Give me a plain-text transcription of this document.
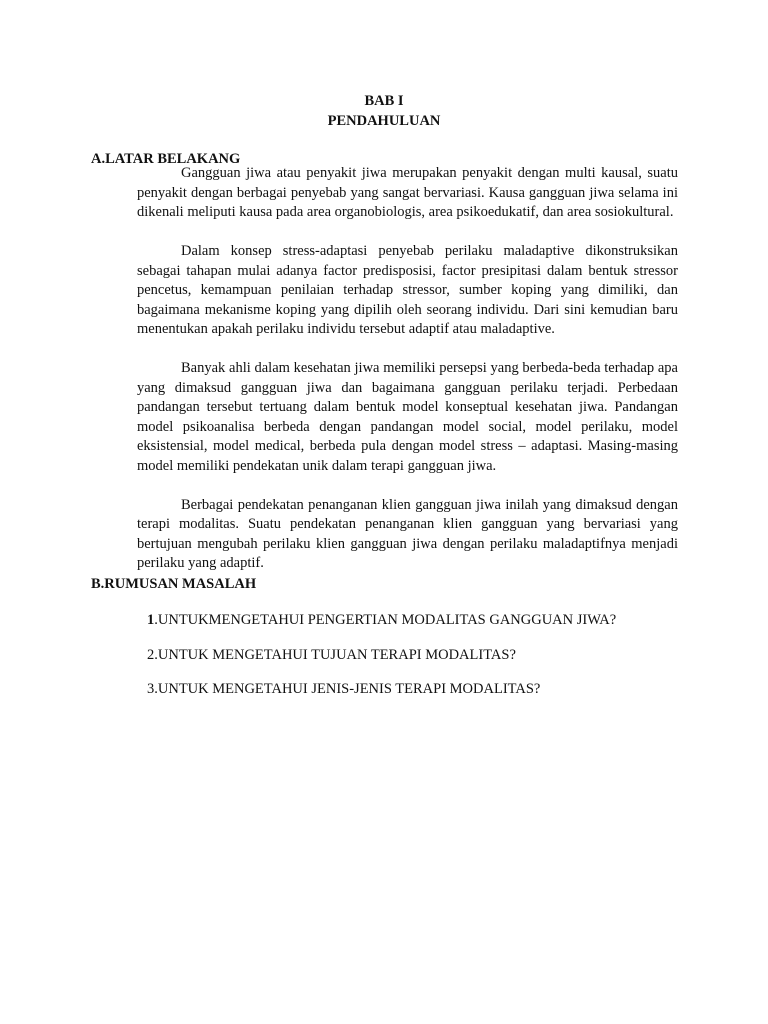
BAB I
PENDAHULUAN
A.LATAR BELAKANG

Gangguan jiwa atau penyakit jiwa merupakan penyakit dengan multi kausal, suatu penyakit dengan berbagai penyebab yang sangat bervariasi. Kausa gangguan jiwa selama ini dikenali meliputi kausa pada area organobiologis, area psikoedukatif, dan area sosiokultural.

Dalam konsep stress-adaptasi penyebab perilaku maladaptive dikonstruksikan sebagai tahapan mulai adanya factor predisposisi, factor presipitasi dalam bentuk stressor pencetus, kemampuan penilaian terhadap stressor, sumber koping yang dimiliki, dan bagaimana mekanisme koping yang dipilih oleh seorang individu. Dari sini kemudian baru menentukan apakah perilaku individu tersebut adaptif atau maladaptive.

Banyak ahli dalam kesehatan jiwa memiliki persepsi yang berbeda-beda terhadap apa yang dimaksud gangguan jiwa dan bagaimana gangguan perilaku terjadi. Perbedaan pandangan tersebut tertuang dalam bentuk model konseptual kesehatan jiwa. Pandangan model psikoanalisa berbeda dengan pandangan model social, model perilaku, model eksistensial, model medical, berbeda pula dengan model stress – adaptasi. Masing-masing model memiliki pendekatan unik dalam terapi gangguan jiwa.

Berbagai pendekatan penanganan klien gangguan jiwa inilah yang dimaksud dengan terapi modalitas. Suatu pendekatan penanganan klien gangguan yang bervariasi yang bertujuan mengubah perilaku klien gangguan jiwa dengan perilaku maladaptifnya menjadi perilaku yang adaptif.

B.RUMUSAN MASALAH
1.UNTUKMENGETAHUI PENGERTIAN MODALITAS GANGGUAN JIWA?
2.UNTUK MENGETAHUI TUJUAN TERAPI MODALITAS?
3.UNTUK MENGETAHUI JENIS-JENIS TERAPI MODALITAS?
